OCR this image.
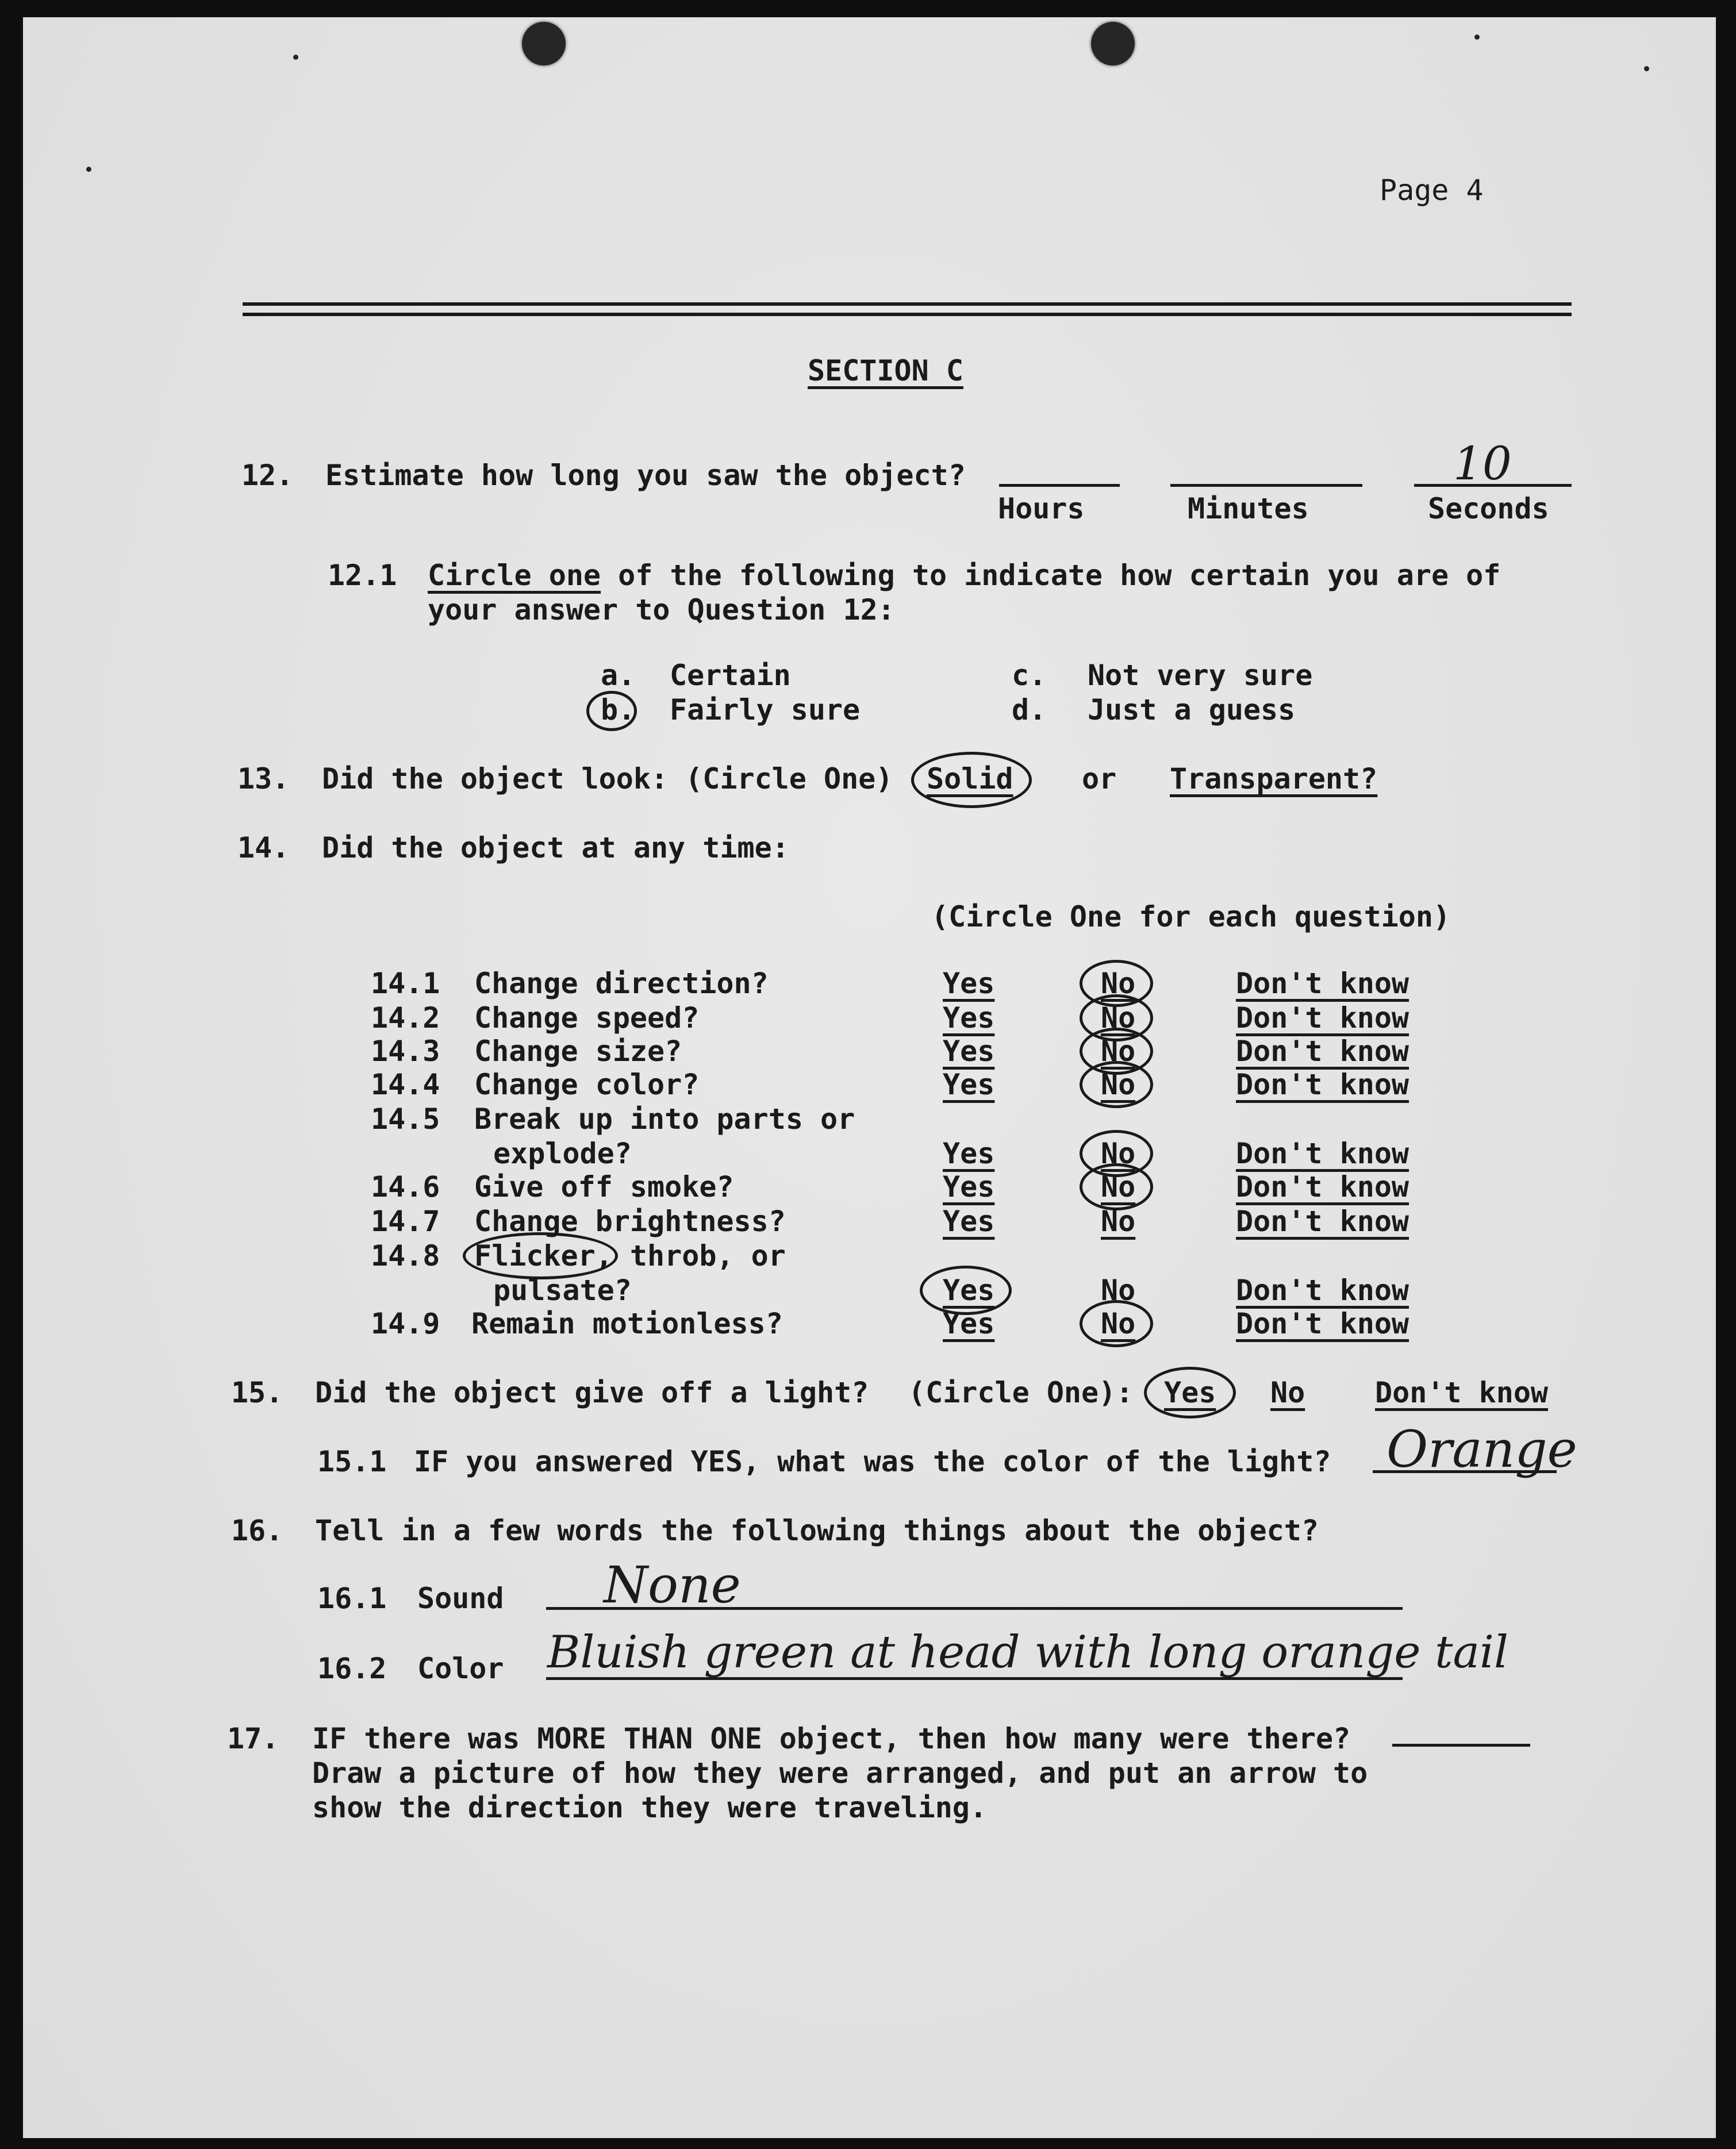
Page 4
SECTION C
12. Estimate how long you saw the object?
Hours	Minutes	Seconds
10
12.1 Circle one of the following to indicate how certain you are of
your answer to Question 12:
a. Certain
b. Fairly sure
c. Not very sure
d. Just a guess
13. Did the object look: (Circle One) Solid or Transparent?
14. Did the object at any time:
(Circle One for each question)
14.1 Change direction?	Yes	No	Don't know
14.2 Change speed?	Yes	No	Don't know
14.3 Change size?	Yes	No	Don't know
14.4 Change color?	Yes	No	Don't know
14.5 Break up into parts or
explode?	Yes	No	Don't know
14.6 Give off smoke?	Yes	No	Don't know
14.7 Change brightness?	Yes	No	Don't know
14.8 Flicker, throb, or
pulsate?	Yes	No	Don't know
14.9 Remain motionless?	Yes	No	Don't know
15. Did the object give off a light? (Circle One): Yes No Don't know
15.1 IF you answered YES, what was the color of the light? Orange
16. Tell in a few words the following things about the object?
16.1 Sound None
16.2 Color Bluish green at head with long orange tail
17. IF there was MORE THAN ONE object, then how many were there?
Draw a picture of how they were arranged, and put an arrow to
show the direction they were traveling.
